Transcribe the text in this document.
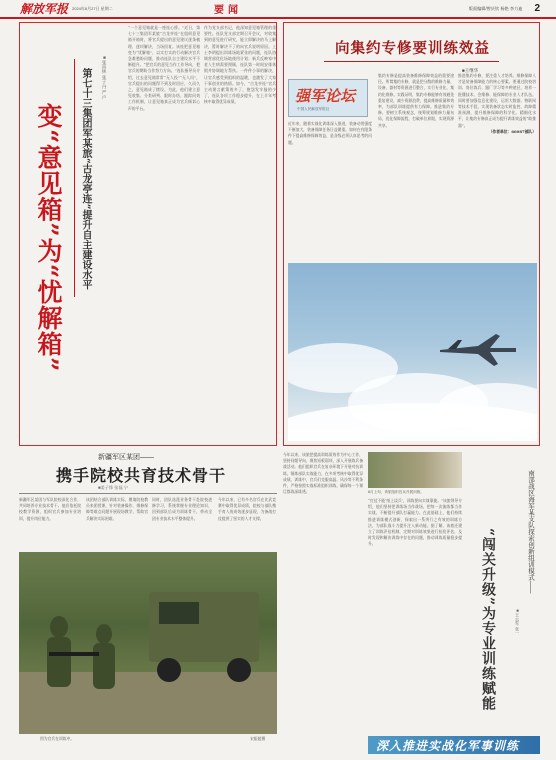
解放军报 2024年8月27日 星期二	要闻	版面编辑/曾庆钦 杨艳 李力迪 2
变“意见箱”为“忧解箱”	第七十三集团军某旅“古龙亭连”提升自主建设水平	■张雨林 张子丹 严卢
“一个意见箱就是一座连心桥。”近日，第七十三集团军某旅“古龙亭连”在组织意见箱开箱时，将官兵提出的意见建议逐条梳理、逐项解决，当场回复。该连把意见箱变为“忧解箱”，以实打实的行动解决官兵急难愁盼问题，推动连队自主建设水平不断提升。“把官兵的意见当作工作导向，把官兵的期盼当作努力方向。”连队指导员介绍，过去意见箱常常“无人投”“无人问”，官兵提出的问题得不到及时回应，久而久之，意见箱成了摆设。为此，他们建立意见收集、分类研判、限时办结、跟踪问效工作机制，让意见箱真正成为官兵倾诉心声的平台。
作为党支部书记，他深知意见箱管理的重要性。连队党支部定期召开会议，对收集到的意见进行研究，能立即解决的马上解决，暂时解决不了的向官兵说明原因。上士李明提出训练场地紧张的问题，连队协调营部优化场地使用计划；新兵反映家中老人生病需要照顾，连队第一时间安排休假并协调地方帮扶。一件件小事的解决，让官兵感受到组织的温暖，也激发了大家干事创业的热情。如今，“古龙亭连”官兵主动建言献策的多了，抱怨发牢骚的少了，连队各项工作稳步提升，在上半年考核中取得优异成绩。
向集约专修要训练效益
■王继华
强军论坛
中国人民解放军报社
近年来，随着实战化训练深入推进，装备动用强度不断加大，装备保障任务日益繁重。如何在有限条件下提高维修保障效益，是各级必须认真思考的问题。
集约专修是提高装备维修保障效益的重要途径。所谓集约专修，就是把分散的维修力量、设备、器材等资源进行整合，实行专业化、集约化维修。实践证明，集约专修能够有效避免重复建设，减少资源浪费，提高维修质量和效率，为部队训练提供有力保障。推进集约专修，要树立系统观念，统筹规划维修力量布局，优化保障流程，打破单位界限，实现资源共享。
推进集约专修，要注重人才培养。维修保障人才是装备保障能力的核心要素。要通过院校培训、岗位练兵、跟厂学习等多种途径，培养一批懂技术、会维修、能保障的专业人才队伍。同时要加强信息化建设，运用大数据、物联网等技术手段，实现装备状态实时监控、故障精准预测，提升维修保障的科学化、精细化水平，让集约专修真正成为提升训练效益的“助推器”。
（作者单位：66087部队）
新疆军区某团——
携手院校共育技术骨干
■姜子锋 张磊 宁
新疆军区某团与军队院校深化合作，共同培养专业技术骨干。他们依托院校教学资源，组织官兵参加专业培训，提升岗位能力。
该团结合部队训练实际，邀请院校教员来团授课，针对装备操作、维修保障等难点问题开展现场教学，帮助官兵解决实际困难。
同时，团队选派业务骨干赴院校进修学习，系统掌握专业理论知识，回到部队后成为训练骨干，带动全团专业技术水平整体提升。
今年以来，已有多名官兵在比武竞赛中取得优异成绩，院校与部队携手育人的成效逐步显现，为备战打仗提供了坚实的人才支撑。
图为官兵在训练中。	宋振超摄
今年以来，该旅把提高训练质效作为中心工作，坚持问题导向，聚焦短板弱项，深入开展练兵备战活动。他们组织官兵在复杂环境下开展对抗训练，锤炼部队实战能力，在多项考核中取得优异成绩。训练中，官兵们克服高温、风沙等不利条件，严格按照实战标准组织训练，确保每一个课目都练深练透。	8月上旬，该旅组织官兵开展训练。
“打仗不能‘纸上谈兵’，训练要向实战靠拢。”该旅领导介绍，他们坚持把训练场当作战场，把每一次演练都当作实战，不断提升部队打赢能力。在此基础上，他们持续推进训练模式创新，探索出一系列行之有效的训练方法，为部队战斗力提升注入新动能。据了解，该旅还建立了训练评估机制，定期对训练效果进行检验评估，及时发现和解决训练中存在的问题，推动训练质量稳步提升。	南部战区海军某支队探索创新组训模式——
“闯关升级”为专业训练赋能	■王志军 张一
深入推进实战化军事训练
